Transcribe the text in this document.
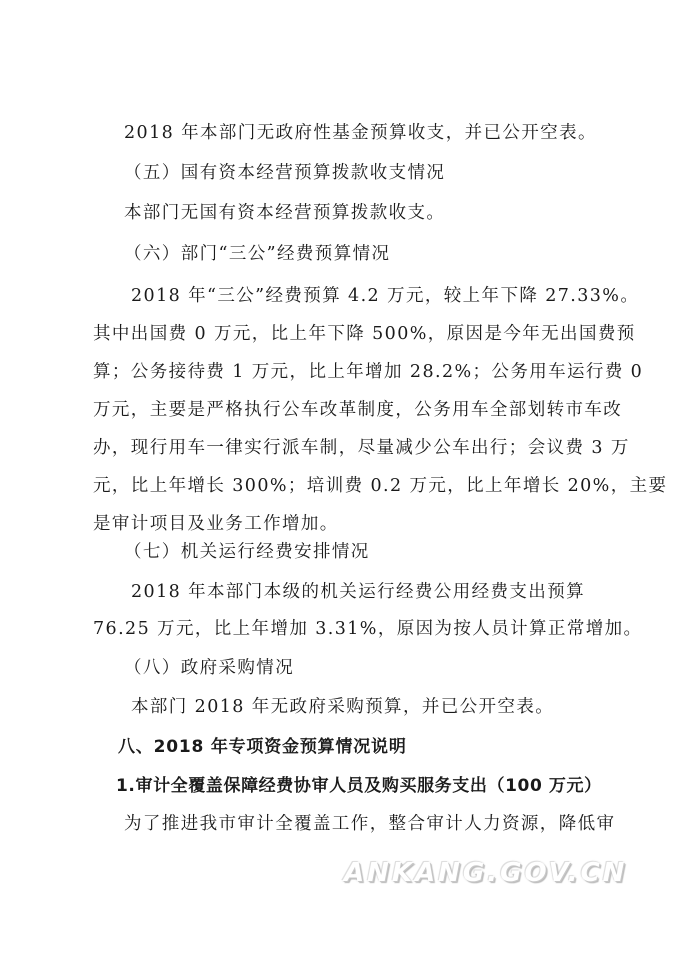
2018 年本部门无政府性基金预算收支，并已公开空表。
（五）国有资本经营预算拨款收支情况
本部门无国有资本经营预算拨款收支。
（六）部门“三公”经费预算情况
2018 年“三公”经费预算 4.2 万元，较上年下降 27.33%。
其中出国费 0 万元，比上年下降 500%，原因是今年无出国费预
算；公务接待费 1 万元，比上年增加 28.2%；公务用车运行费 0
万元，主要是严格执行公车改革制度，公务用车全部划转市车改
办，现行用车一律实行派车制，尽量减少公车出行；会议费 3 万
元，比上年增长 300%；培训费 0.2 万元，比上年增长 20%，主要
是审计项目及业务工作增加。
（七）机关运行经费安排情况
2018 年本部门本级的机关运行经费公用经费支出预算
76.25 万元，比上年增加 3.31%，原因为按人员计算正常增加。
（八）政府采购情况
本部门 2018 年无政府采购预算，并已公开空表。
八、2018 年专项资金预算情况说明
1.审计全覆盖保障经费协审人员及购买服务支出（100 万元）
为了推进我市审计全覆盖工作，整合审计人力资源，降低审
ANKANG.GOV.CN
